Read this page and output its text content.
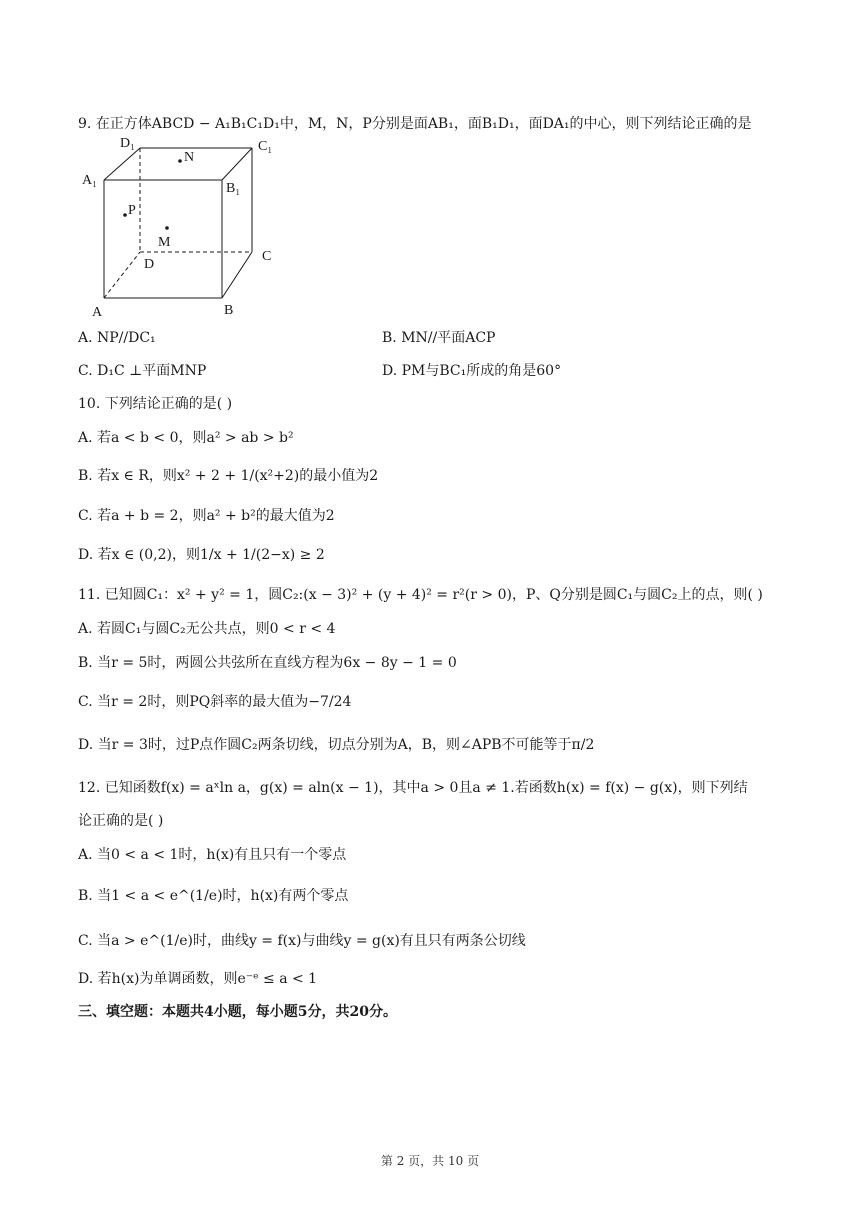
9. 在正方体ABCD − A₁B₁C₁D₁中，M，N，P分别是面AB₁，面B₁D₁，面DA₁的中心，则下列结论正确的是
D₁	C₁
A₁
B₁
N
P
M
D
C
A	B
A. NP//DC₁	B. MN//平面ACP
C. D₁C ⊥平面MNP	D. PM与BC₁所成的角是60°
10. 下列结论正确的是( )
A. 若a < b < 0，则a² > ab > b²
B. 若x ∈ R，则x² + 2 + 1/(x²+2)的最小值为2
C. 若a + b = 2，则a² + b²的最大值为2
D. 若x ∈ (0,2)，则1/x + 1/(2−x) ≥ 2
11. 已知圆C₁：x² + y² = 1，圆C₂:(x − 3)² + (y + 4)² = r²(r > 0)，P、Q分别是圆C₁与圆C₂上的点，则( )
A. 若圆C₁与圆C₂无公共点，则0 < r < 4
B. 当r = 5时，两圆公共弦所在直线方程为6x − 8y − 1 = 0
C. 当r = 2时，则PQ斜率的最大值为−7/24
D. 当r = 3时，过P点作圆C₂两条切线，切点分别为A，B，则∠APB不可能等于π/2
12. 已知函数f(x) = aˣln a，g(x) = aln(x − 1)，其中a > 0且a ≠ 1.若函数h(x) = f(x) − g(x)，则下列结
论正确的是( )
A. 当0 < a < 1时，h(x)有且只有一个零点
B. 当1 < a < e^(1/e)时，h(x)有两个零点
C. 当a > e^(1/e)时，曲线y = f(x)与曲线y = g(x)有且只有两条公切线
D. 若h(x)为单调函数，则e⁻ᵉ ≤ a < 1
三、填空题：本题共4小题，每小题5分，共20分。
第 2 页，共 10 页
